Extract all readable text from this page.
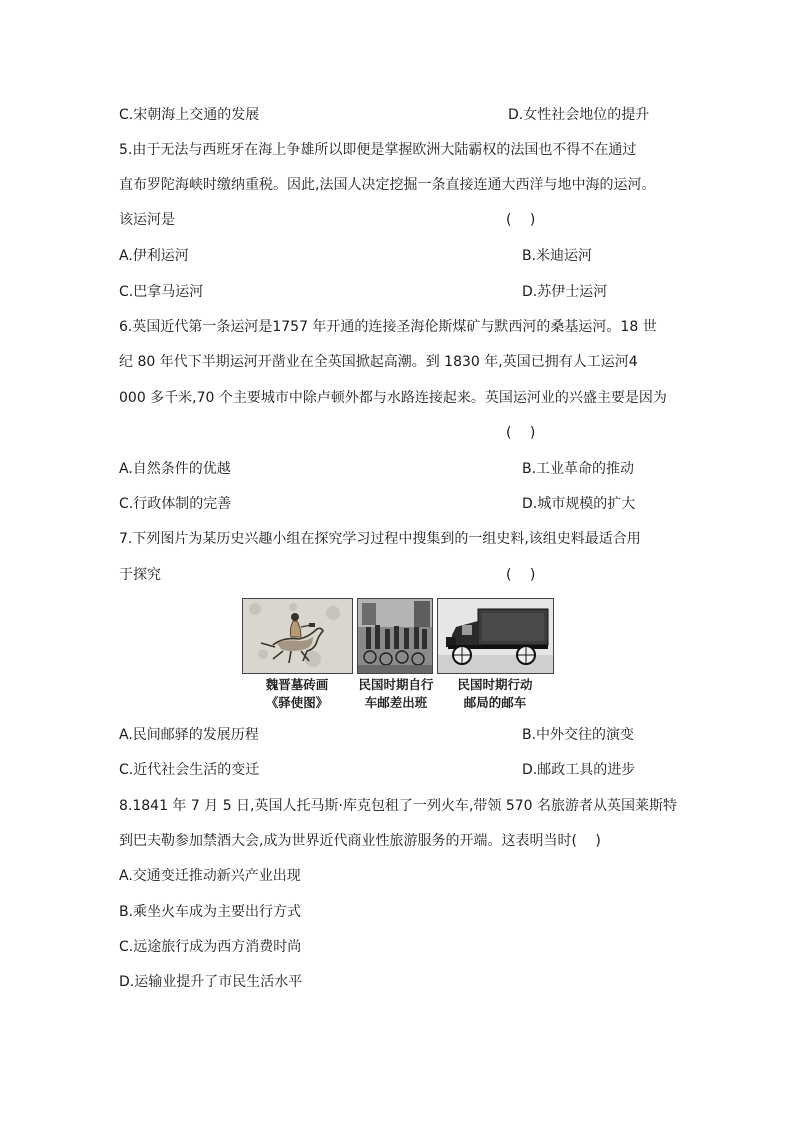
C.宋朝海上交通的发展	D.女性社会地位的提升
5.由于无法与西班牙在海上争雄所以即便是掌握欧洲大陆霸权的法国也不得不在通过
直布罗陀海峡时缴纳重税。因此,法国人决定挖掘一条直接连通大西洋与地中海的运河。
该运河是	(　 )
A.伊利运河	B.米迪运河
C.巴拿马运河	D.苏伊士运河
6.英国近代第一条运河是1757 年开通的连接圣海伦斯煤矿与默西河的桑基运河。18 世
纪 80 年代下半期运河开凿业在全英国掀起高潮。到 1830 年,英国已拥有人工运河4
000 多千米,70 个主要城市中除卢顿外都与水路连接起来。英国运河业的兴盛主要是因为
(　 )
A.自然条件的优越	B.工业革命的推动
C.行政体制的完善	D.城市规模的扩大
7.下列图片为某历史兴趣小组在探究学习过程中搜集到的一组史料,该组史料最适合用
于探究	(　 )
魏晋墓砖画
《驿使图》
民国时期自行
车邮差出班
民国时期行动
邮局的邮车
A.民间邮驿的发展历程	B.中外交往的演变
C.近代社会生活的变迁	D.邮政工具的进步
8.1841 年 7 月 5 日,英国人托马斯·库克包租了一列火车,带领 570 名旅游者从英国莱斯特
到巴夫勒参加禁酒大会,成为世界近代商业性旅游服务的开端。这表明当时(　 )
A.交通变迁推动新兴产业出现
B.乘坐火车成为主要出行方式
C.远途旅行成为西方消费时尚
D.运输业提升了市民生活水平
